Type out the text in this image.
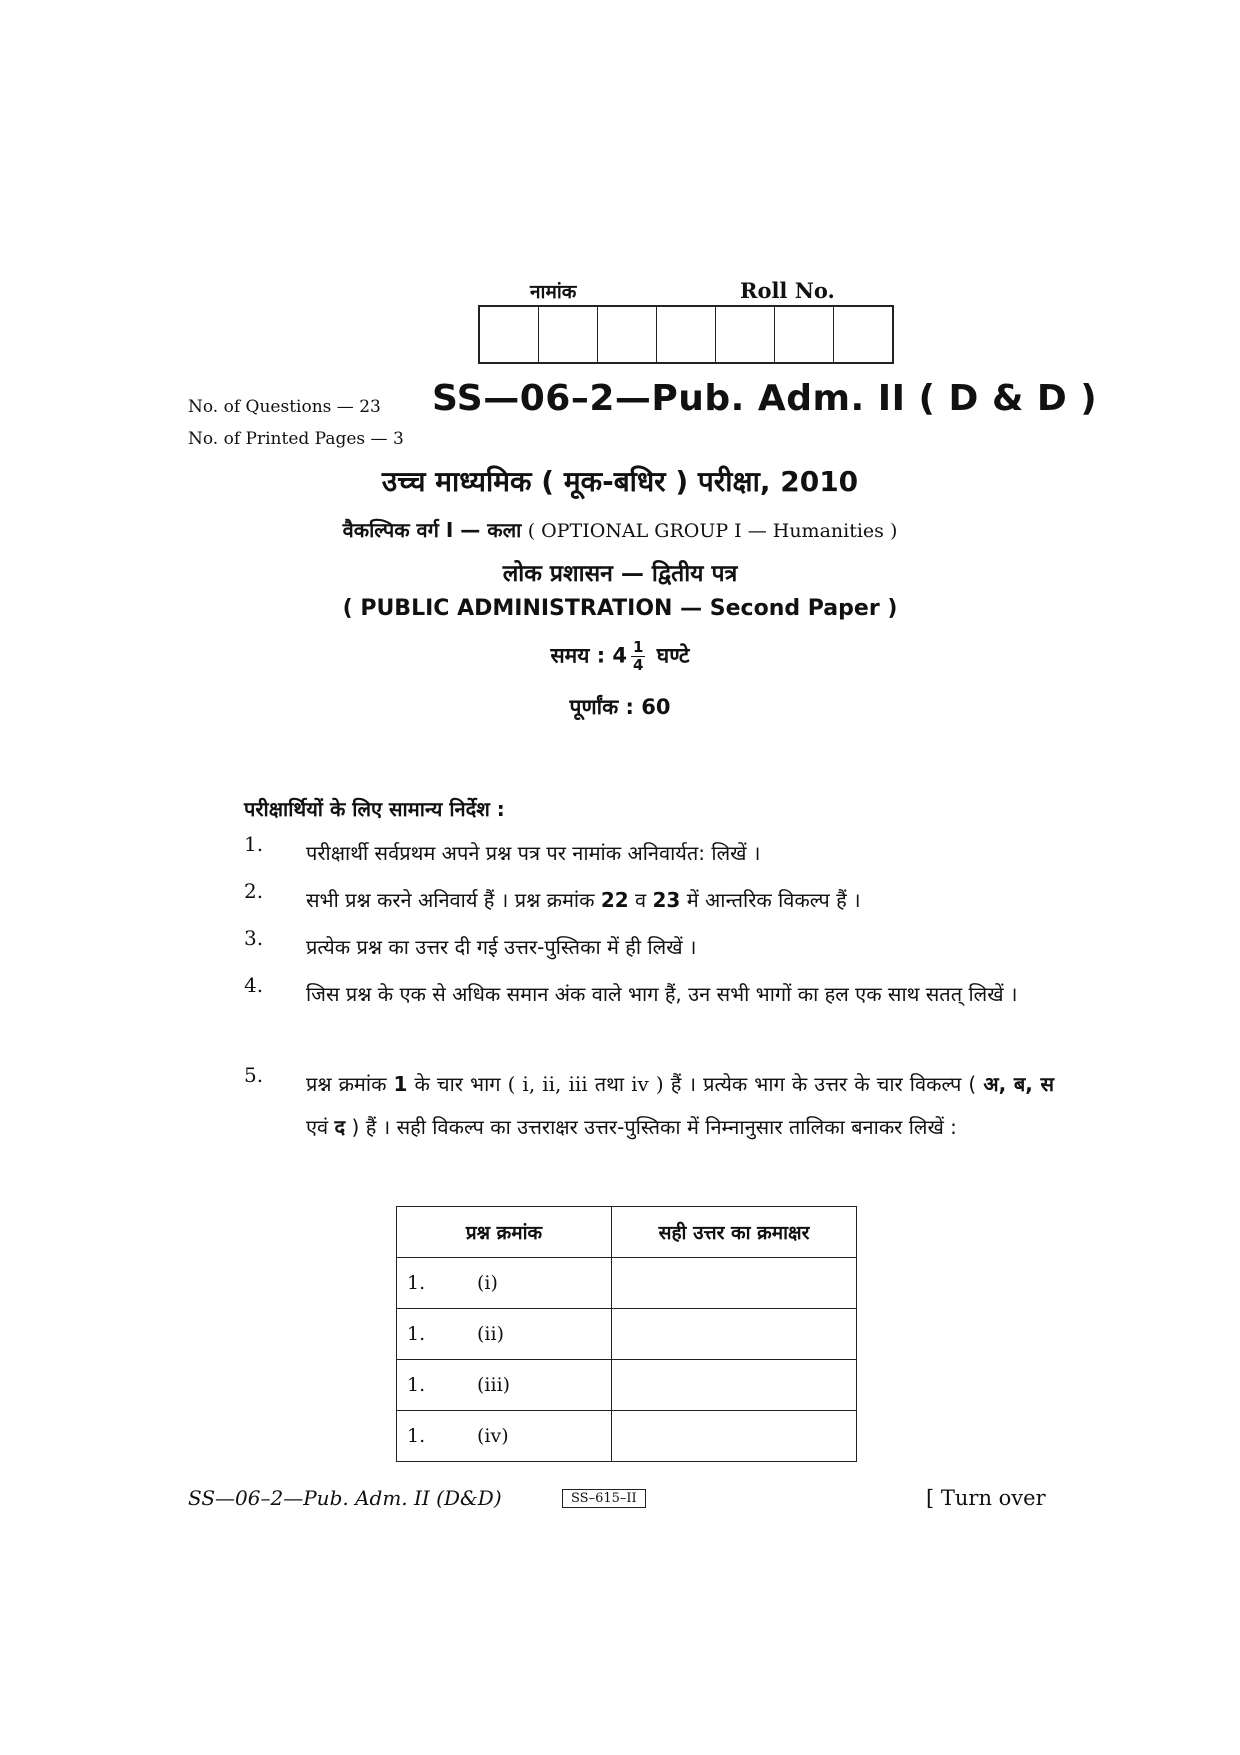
नामांक	Roll No.
No. of Questions — 23
No. of Printed Pages — 3
SS—06–2—Pub. Adm. II ( D & D )
उच्च माध्यमिक ( मूक-बधिर ) परीक्षा, 2010
वैकल्पिक वर्ग I — कला ( OPTIONAL GROUP I — Humanities )
लोक प्रशासन — द्वितीय पत्र
( PUBLIC ADMINISTRATION — Second Paper )
समय : $4 \frac{1}{4}$ घण्टे
पूर्णांक : 60
परीक्षार्थियों के लिए सामान्य निर्देश :
1. परीक्षार्थी सर्वप्रथम अपने प्रश्न पत्र पर नामांक अनिवार्यत: लिखें ।
2. सभी प्रश्न करने अनिवार्य हैं । प्रश्न क्रमांक 22 व 23 में आन्तरिक विकल्प हैं ।
3. प्रत्येक प्रश्न का उत्तर दी गई उत्तर-पुस्तिका में ही लिखें ।
4. जिस प्रश्न के एक से अधिक समान अंक वाले भाग हैं, उन सभी भागों का हल एक साथ सतत् लिखें ।
5. प्रश्न क्रमांक 1 के चार भाग ( i, ii, iii तथा iv ) हैं । प्रत्येक भाग के उत्तर के चार विकल्प ( अ, ब, स एवं द ) हैं । सही विकल्प का उत्तराक्षर उत्तर-पुस्तिका में निम्नानुसार तालिका बनाकर लिखें :
प्रश्न क्रमांक	सही उत्तर का क्रमाक्षर
1. (i)	
1. (ii)	
1. (iii)	
1. (iv)	
SS—06–2—Pub. Adm. II (D&D)	SS–615–II	[ Turn over
